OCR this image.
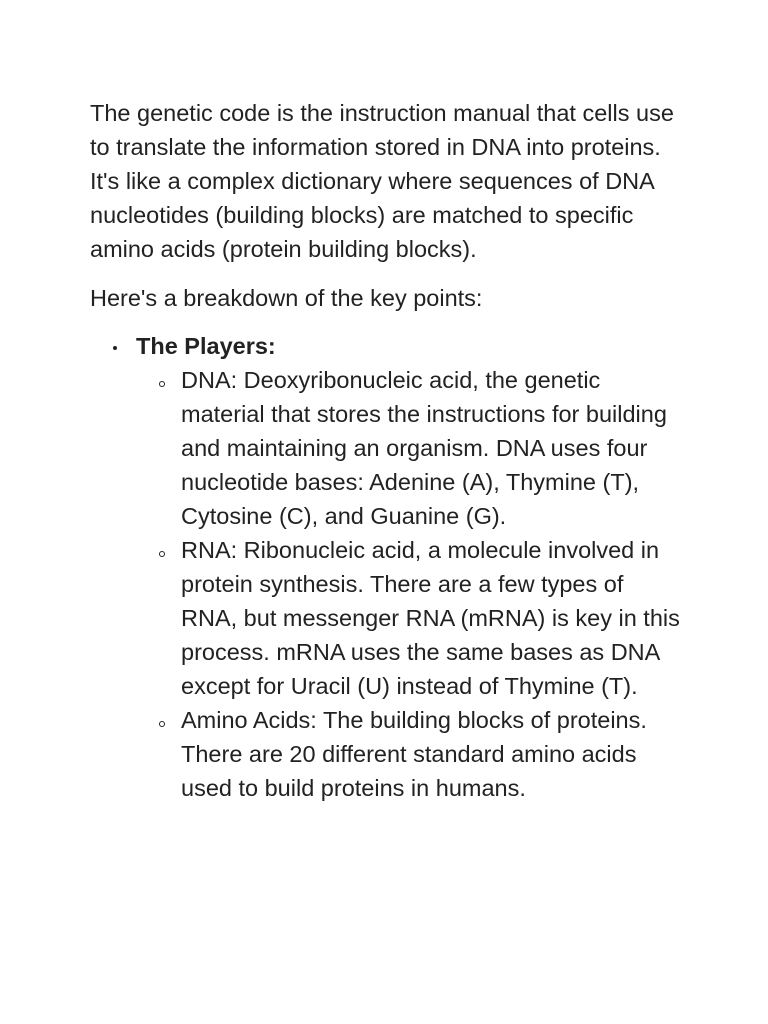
The genetic code is the instruction manual that cells use to translate the information stored in DNA into proteins. It's like a complex dictionary where sequences of DNA nucleotides (building blocks) are matched to specific amino acids (protein building blocks).

Here's a breakdown of the key points:

The Players:
DNA: Deoxyribonucleic acid, the genetic material that stores the instructions for building and maintaining an organism. DNA uses four nucleotide bases: Adenine (A), Thymine (T), Cytosine (C), and Guanine (G).
RNA: Ribonucleic acid, a molecule involved in protein synthesis. There are a few types of RNA, but messenger RNA (mRNA) is key in this process. mRNA uses the same bases as DNA except for Uracil (U) instead of Thymine (T).
Amino Acids: The building blocks of proteins. There are 20 different standard amino acids used to build proteins in humans.
